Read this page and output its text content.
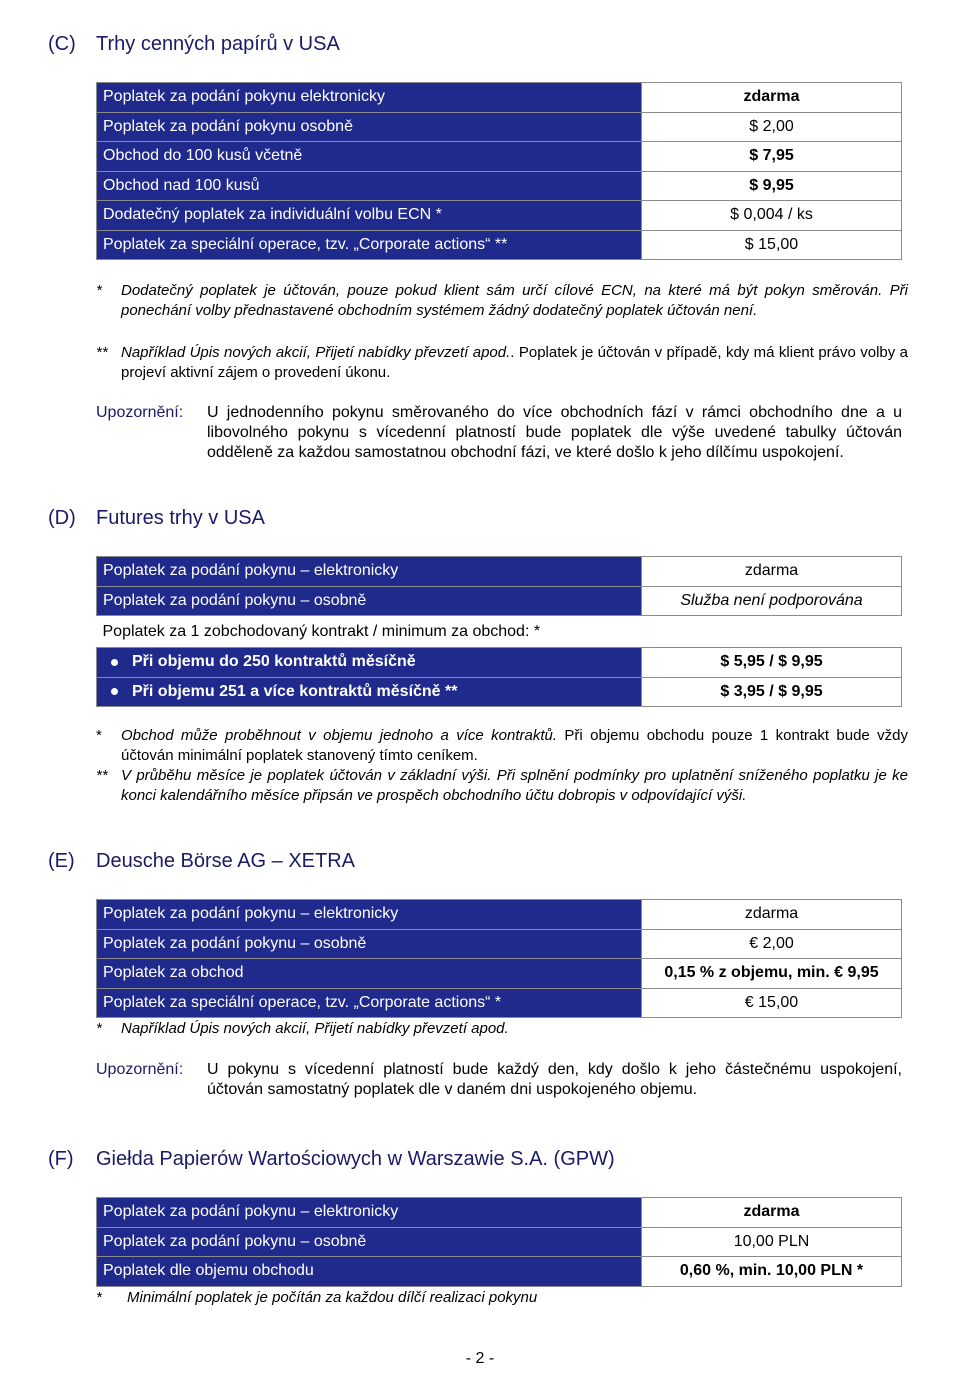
(C)	Trhy cenných papírů v USA
Poplatek za podání pokynu elektronicky	zdarma
Poplatek za podání pokynu osobně	$ 2,00
Obchod do 100 kusů včetně	$ 7,95
Obchod nad 100 kusů	$ 9,95
Dodatečný poplatek za individuální volbu ECN *	$ 0,004 / ks
Poplatek za speciální operace, tzv. „Corporate actions“ **	$ 15,00
*	Dodatečný poplatek je účtován, pouze pokud klient sám určí cílové ECN, na které má být pokyn směrován. Při ponechání volby přednastavené obchodním systémem žádný dodatečný poplatek účtován není.
** Například Úpis nových akcií, Přijetí nabídky převzetí apod.. Poplatek je účtován v případě, kdy má klient právo volby a projeví aktivní zájem o provedení úkonu.
Upozornění: U jednodenního pokynu směrovaného do více obchodních fází v rámci obchodního dne a u libovolného pokynu s vícedenní platností bude poplatek dle výše uvedené tabulky účtován odděleně za každou samostatnou obchodní fázi, ve které došlo k jeho dílčímu uspokojení.
(D)	Futures trhy v USA
Poplatek za podání pokynu – elektronicky	zdarma
Poplatek za podání pokynu – osobně	Služba není podporována
Poplatek za 1 zobchodovaný kontrakt / minimum za obchod: *	

Při objemu do 250 kontraktů měsíčně	$ 5,95 / $ 9,95

Při objemu 251 a více kontraktů měsíčně **	$ 3,95 / $ 9,95
*	Obchod může proběhnout v objemu jednoho a více kontraktů. Při objemu obchodu pouze 1 kontrakt bude vždy účtován minimální poplatek stanovený tímto ceníkem.
** V průběhu měsíce je poplatek účtován v základní výši. Při splnění podmínky pro uplatnění sníženého poplatku je ke konci kalendářního měsíce připsán ve prospěch obchodního účtu dobropis v odpovídající výši.
(E)	Deusche Börse AG – XETRA
Poplatek za podání pokynu – elektronicky	zdarma
Poplatek za podání pokynu – osobně	€ 2,00
Poplatek za obchod	0,15 % z objemu, min. € 9,95
Poplatek za speciální operace, tzv. „Corporate actions“ *	€ 15,00
*	Například Úpis nových akcií, Přijetí nabídky převzetí apod.
Upozornění: U pokynu s vícedenní platností bude každý den, kdy došlo k jeho částečnému uspokojení, účtován samostatný poplatek dle v daném dni uspokojeného objemu.
(F)	Giełda Papierów Wartościowych w Warszawie S.A. (GPW)
Poplatek za podání pokynu – elektronicky	zdarma
Poplatek za podání pokynu – osobně	10,00 PLN
Poplatek dle objemu obchodu	0,60 %, min. 10,00 PLN *
*	Minimální poplatek je počítán za každou dílčí realizaci pokynu
- 2 -
